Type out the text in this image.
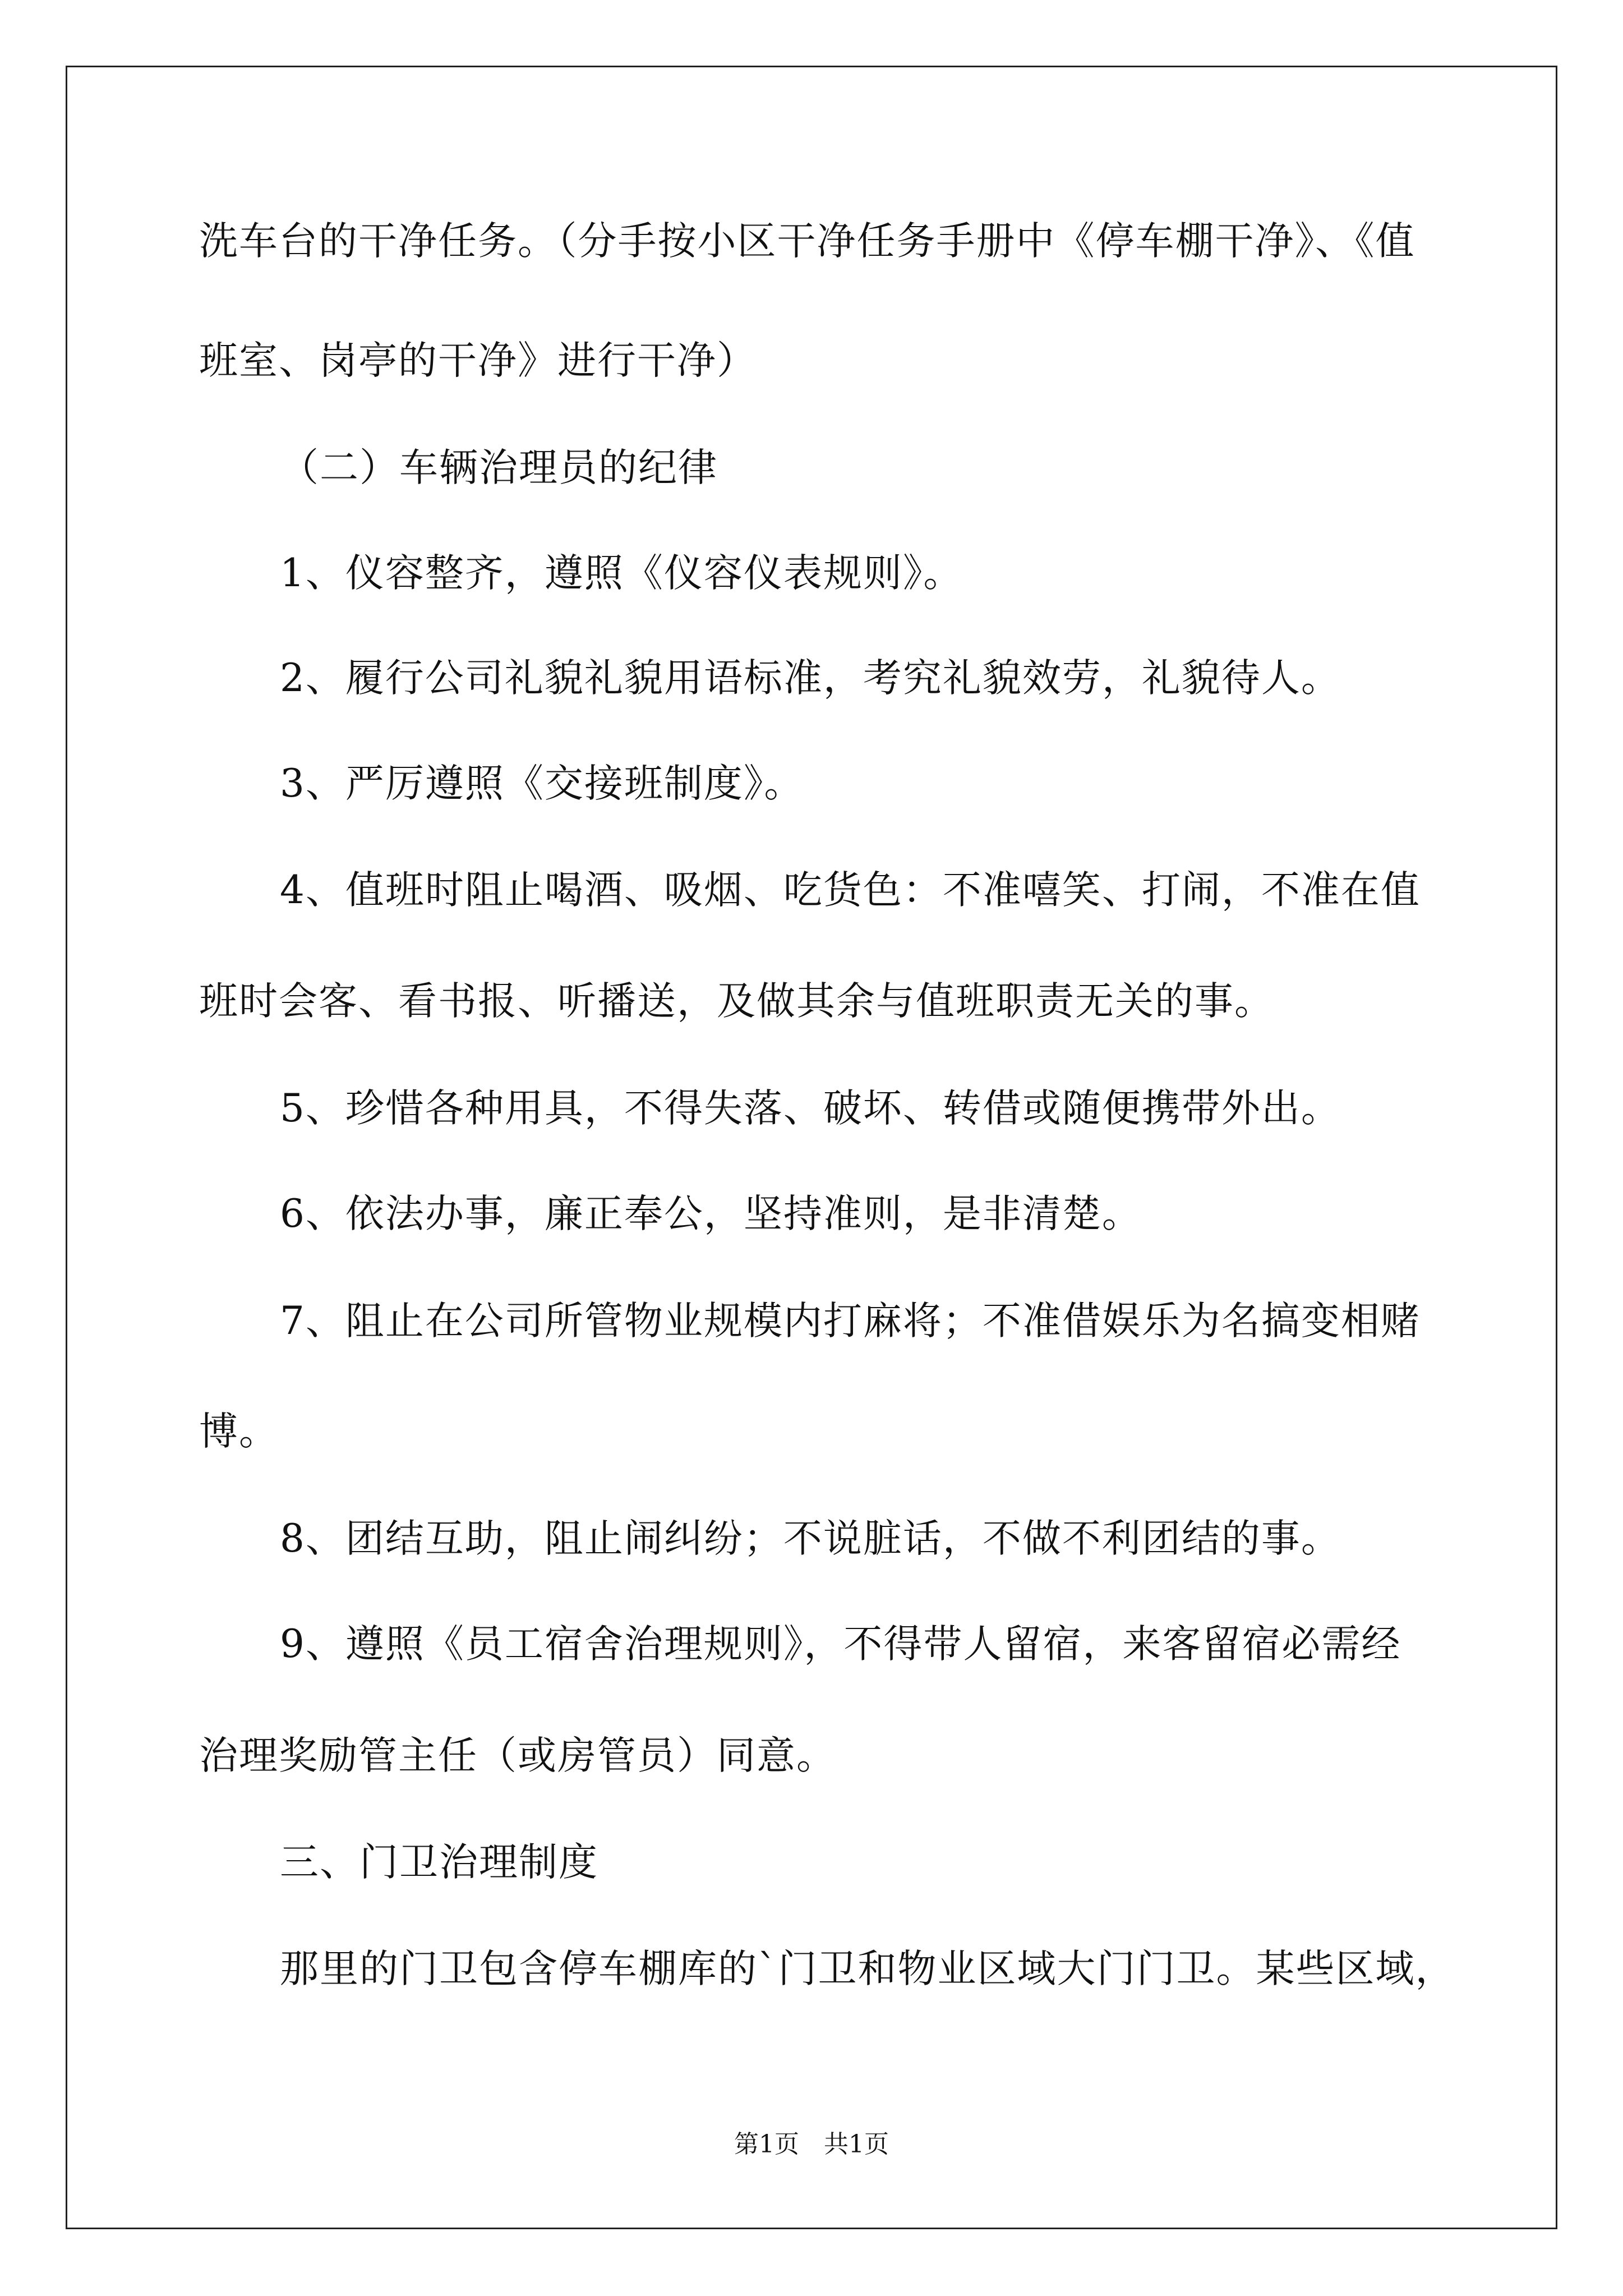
洗车台的干净任务。（分手按小区干净任务手册中《停车棚干净》、《值
班室、岗亭的干净》进行干净）
（二）车辆治理员的纪律
1、仪容整齐，遵照《仪容仪表规则》。
2、履行公司礼貌礼貌用语标准，考究礼貌效劳，礼貌待人。
3、严厉遵照《交接班制度》。
4、值班时阻止喝酒、吸烟、吃货色：不准嘻笑、打闹，不准在值
班时会客、看书报、听播送，及做其余与值班职责无关的事。
5、珍惜各种用具，不得失落、破坏、转借或随便携带外出。
6、依法办事，廉正奉公，坚持准则，是非清楚。
7、阻止在公司所管物业规模内打麻将；不准借娱乐为名搞变相赌
博。
8、团结互助，阻止闹纠纷；不说脏话，不做不利团结的事。
9、遵照《员工宿舍治理规则》，不得带人留宿，来客留宿必需经
治理奖励管主任（或房管员）同意。
三、门卫治理制度
那里的门卫包含停车棚库的`门卫和物业区域大门门卫。某些区域，
第1页　共1页
